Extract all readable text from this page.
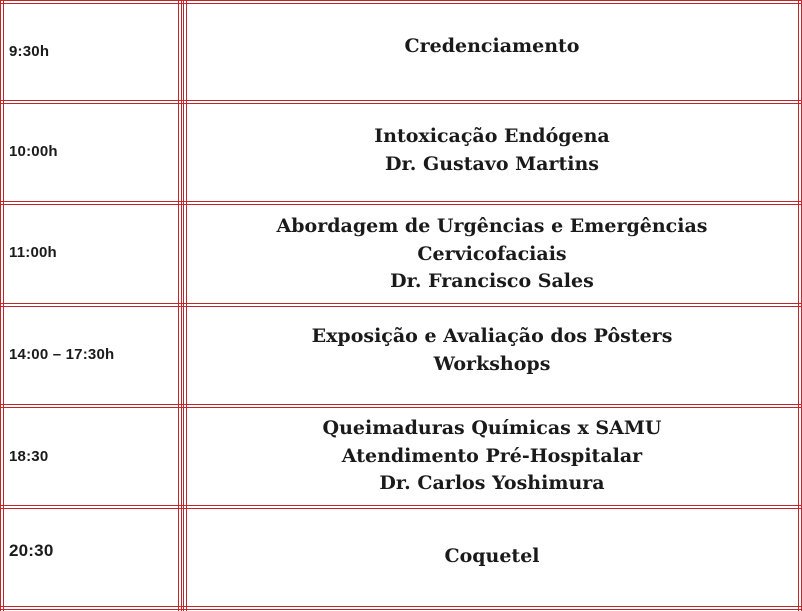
9:30h	Credenciamento
10:00h
Intoxicação Endógena
Dr. Gustavo Martins
11:00h
Abordagem de Urgências e Emergências
Cervicofaciais
Dr. Francisco Sales
14:00 – 17:30h
Exposição e Avaliação dos Pôsters
Workshops
18:30
Queimaduras Químicas x SAMU
Atendimento Pré-Hospitalar
Dr. Carlos Yoshimura
20:30	Coquetel
